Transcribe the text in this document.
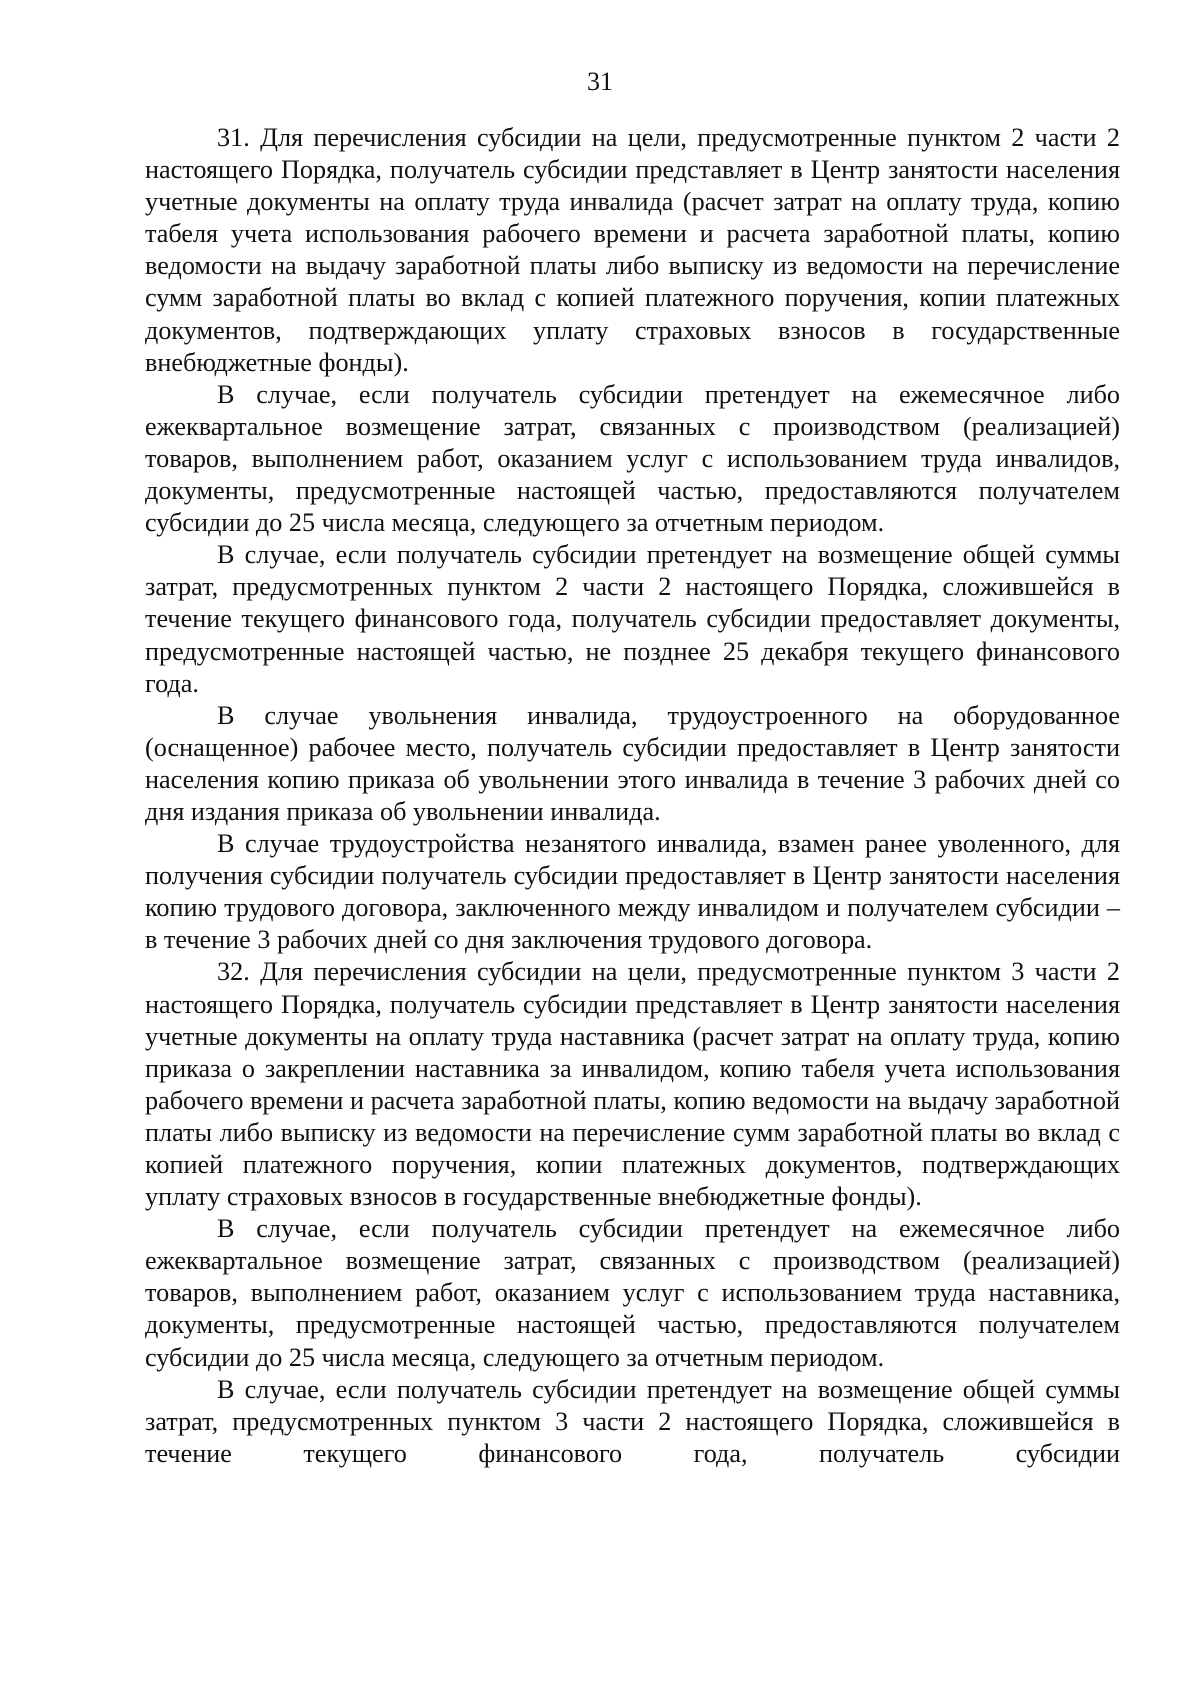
31

31. Для перечисления субсидии на цели, предусмотренные пунктом 2 части 2 настоящего Порядка, получатель субсидии представляет в Центр занятости населения учетные документы на оплату труда инвалида (расчет затрат на оплату труда, копию табеля учета использования рабочего времени и расчета заработной платы, копию ведомости на выдачу заработной платы либо выписку из ведомости на перечисление сумм заработной платы во вклад с копией платежного поручения, копии платежных документов, подтверждающих уплату страховых взносов в государственные внебюджетные фонды).

В случае, если получатель субсидии претендует на ежемесячное либо ежеквартальное возмещение затрат, связанных с производством (реализацией) товаров, выполнением работ, оказанием услуг с использованием труда инвалидов, документы, предусмотренные настоящей частью, предоставляются получателем субсидии до 25 числа месяца, следующего за отчетным периодом.

В случае, если получатель субсидии претендует на возмещение общей суммы затрат, предусмотренных пунктом 2 части 2 настоящего Порядка, сложившейся в течение текущего финансового года, получатель субсидии предоставляет документы, предусмотренные настоящей частью, не позднее 25 декабря текущего финансового года.

В случае увольнения инвалида, трудоустроенного на оборудованное (оснащенное) рабочее место, получатель субсидии предоставляет в Центр занятости населения копию приказа об увольнении этого инвалида в течение 3 рабочих дней со дня издания приказа об увольнении инвалида.

В случае трудоустройства незанятого инвалида, взамен ранее уволенного, для получения субсидии получатель субсидии предоставляет в Центр занятости населения копию трудового договора, заключенного между инвалидом и получателем субсидии – в течение 3 рабочих дней со дня заключения трудового договора.

32. Для перечисления субсидии на цели, предусмотренные пунктом 3 части 2 настоящего Порядка, получатель субсидии представляет в Центр занятости населения учетные документы на оплату труда наставника (расчет затрат на оплату труда, копию приказа о закреплении наставника за инвалидом, копию табеля учета использования рабочего времени и расчета заработной платы, копию ведомости на выдачу заработной платы либо выписку из ведомости на перечисление сумм заработной платы во вклад с копией платежного поручения, копии платежных документов, подтверждающих уплату страховых взносов в государственные внебюджетные фонды).

В случае, если получатель субсидии претендует на ежемесячное либо ежеквартальное возмещение затрат, связанных с производством (реализацией) товаров, выполнением работ, оказанием услуг с использованием труда наставника, документы, предусмотренные настоящей частью, предоставляются получателем субсидии до 25 числа месяца, следующего за отчетным периодом.

В случае, если получатель субсидии претендует на возмещение общей суммы затрат, предусмотренных пунктом 3 части 2 настоящего Порядка, сложившейся в течение текущего финансового года, получатель субсидии
